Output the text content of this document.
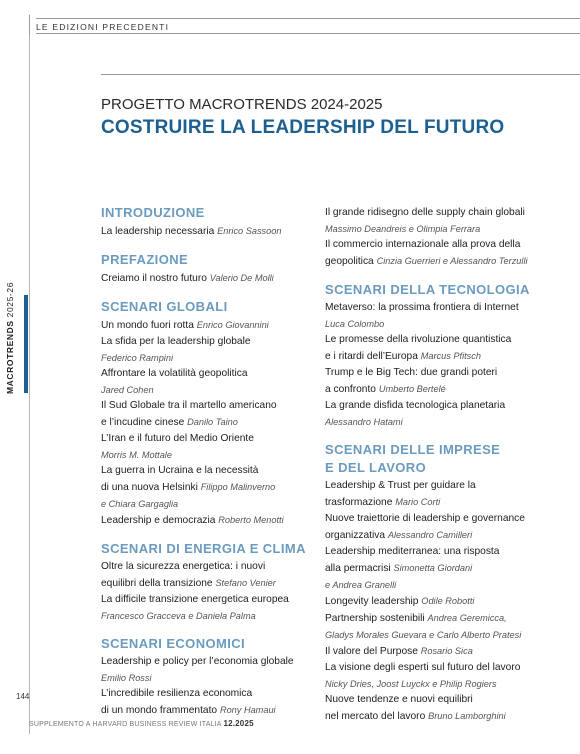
LE EDIZIONI PRECEDENTI
PROGETTO MACROTRENDS 2024-2025
COSTRUIRE LA LEADERSHIP DEL FUTURO
MACROTRENDS 2025-26
INTRODUZIONE
La leadership necessaria Enrico Sassoon
PREFAZIONE
Creiamo il nostro futuro Valerio De Molli
SCENARI GLOBALI
Un mondo fuori rotta Enrico Giovannini
La sfida per la leadership globale
Federico Rampini
Affrontare la volatilità geopolitica
Jared Cohen
Il Sud Globale tra il martello americano
e l’incudine cinese Danilo Taino
L’Iran e il futuro del Medio Oriente
Morris M. Mottale
La guerra in Ucraina e la necessità
di una nuova Helsinki Filippo Malinverno
e Chiara Gargaglia
Leadership e democrazia Roberto Menotti
SCENARI DI ENERGIA E CLIMA
Oltre la sicurezza energetica: i nuovi
equilibri della transizione Stefano Venier
La difficile transizione energetica europea
Francesco Gracceva e Daniela Palma
SCENARI ECONOMICI
Leadership e policy per l’economia globale
Emilio Rossi
L’incredibile resilienza economica
di un mondo frammentato Rony Hamaui
Il grande ridisegno delle supply chain globali
Massimo Deandreis e Olimpia Ferrara
Il commercio internazionale alla prova della
geopolitica Cinzia Guerrieri e Alessandro Terzulli
SCENARI DELLA TECNOLOGIA
Metaverso: la prossima frontiera di Internet
Luca Colombo
Le promesse della rivoluzione quantistica
e i ritardi dell’Europa Marcus Pfitsch
Trump e le Big Tech: due grandi poteri
a confronto Umberto Bertelé
La grande disfida tecnologica planetaria
Alessandro Hatami
SCENARI DELLE IMPRESE
E DEL LAVORO
Leadership & Trust per guidare la
trasformazione Mario Corti
Nuove traiettorie di leadership e governance
organizzativa Alessandro Camilleri
Leadership mediterranea: una risposta
alla permacrisi Simonetta Giordani
e Andrea Granelli
Longevity leadership Odile Robotti
Partnership sostenibili Andrea Geremicca,
Gladys Morales Guevara e Carlo Alberto Pratesi
Il valore del Purpose Rosario Sica
La visione degli esperti sul futuro del lavoro
Nicky Dries, Joost Luyckx e Philip Rogiers
Nuove tendenze e nuovi equilibri
nel mercato del lavoro Bruno Lamborghini
144
SUPPLEMENTO A HARVARD BUSINESS REVIEW ITALIA 12.2025
